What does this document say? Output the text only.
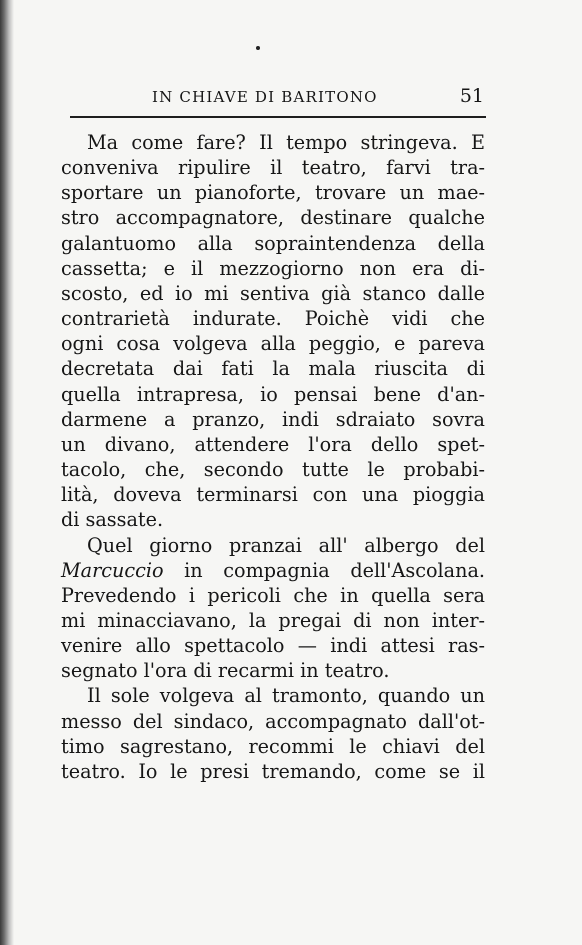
IN CHIAVE DI BARITONO	51
Ma come fare? Il tempo stringeva. E
conveniva ripulire il teatro, farvi tra-
sportare un pianoforte, trovare un mae-
stro accompagnatore, destinare qualche
galantuomo alla sopraintendenza della
cassetta; e il mezzogiorno non era di-
scosto, ed io mi sentiva già stanco dalle
contrarietà indurate. Poichè vidi che
ogni cosa volgeva alla peggio, e pareva
decretata dai fati la mala riuscita di
quella intrapresa, io pensai bene d'an-
darmene a pranzo, indi sdraiato sovra
un divano, attendere l'ora dello spet-
tacolo, che, secondo tutte le probabi-
lità, doveva terminarsi con una pioggia
di sassate.
Quel giorno pranzai all' albergo del
Marcuccio in compagnia dell'Ascolana.
Prevedendo i pericoli che in quella sera
mi minacciavano, la pregai di non inter-
venire allo spettacolo — indi attesi ras-
segnato l'ora di recarmi in teatro.
Il sole volgeva al tramonto, quando un
messo del sindaco, accompagnato dall'ot-
timo sagrestano, recommi le chiavi del
teatro. Io le presi tremando, come se il
